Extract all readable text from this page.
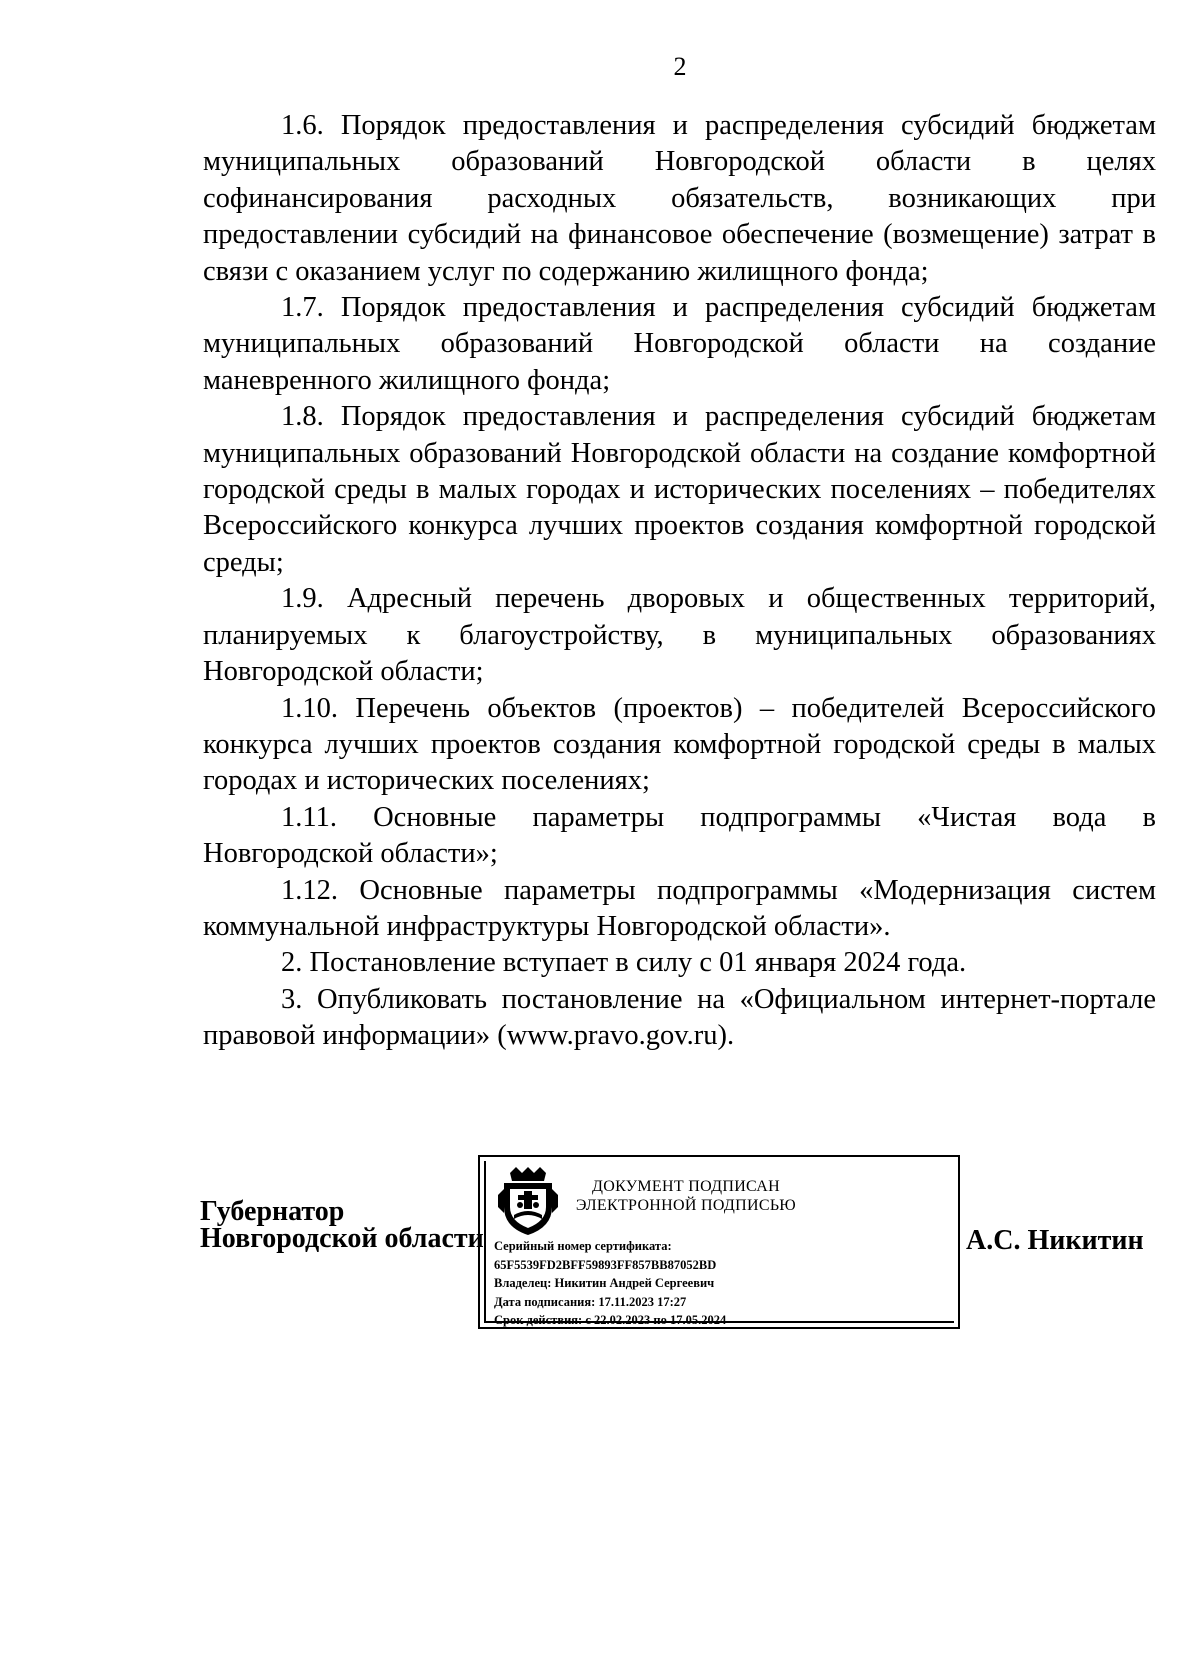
2

1.6. Порядок предоставления и распределения субсидий бюджетам муниципальных образований Новгородской области в целях софинансирования расходных обязательств, возникающих при предоставлении субсидий на финансовое обеспечение (возмещение) затрат в связи с оказанием услуг по содержанию жилищного фонда;

1.7. Порядок предоставления и распределения субсидий бюджетам муниципальных образований Новгородской области на создание маневренного жилищного фонда;

1.8. Порядок предоставления и распределения субсидий бюджетам муниципальных образований Новгородской области на создание комфортной городской среды в малых городах и исторических поселениях – победителях Всероссийского конкурса лучших проектов создания комфортной городской среды;

1.9. Адресный перечень дворовых и общественных территорий, планируемых к благоустройству, в муниципальных образованиях Новгородской области;

1.10. Перечень объектов (проектов) – победителей Всероссийского конкурса лучших проектов создания комфортной городской среды в малых городах и исторических поселениях;

1.11. Основные параметры подпрограммы «Чистая вода в Новгородской области»;

1.12. Основные параметры подпрограммы «Модернизация систем коммунальной инфраструктуры Новгородской области».

2. Постановление вступает в силу с 01 января 2024 года.

3. Опубликовать постановление на «Официальном интернет-портале правовой информации» (www.pravo.gov.ru).

Губернатор
Новгородской области
ДОКУМЕНТ ПОДПИСАН
ЭЛЕКТРОННОЙ ПОДПИСЬЮ
Серийный номер сертификата:
65F5539FD2BFF59893FF857BB87052BD
Владелец: Никитин Андрей Сергеевич
Дата подписания: 17.11.2023 17:27
Срок действия: с 22.02.2023 по 17.05.2024
А.С. Никитин
